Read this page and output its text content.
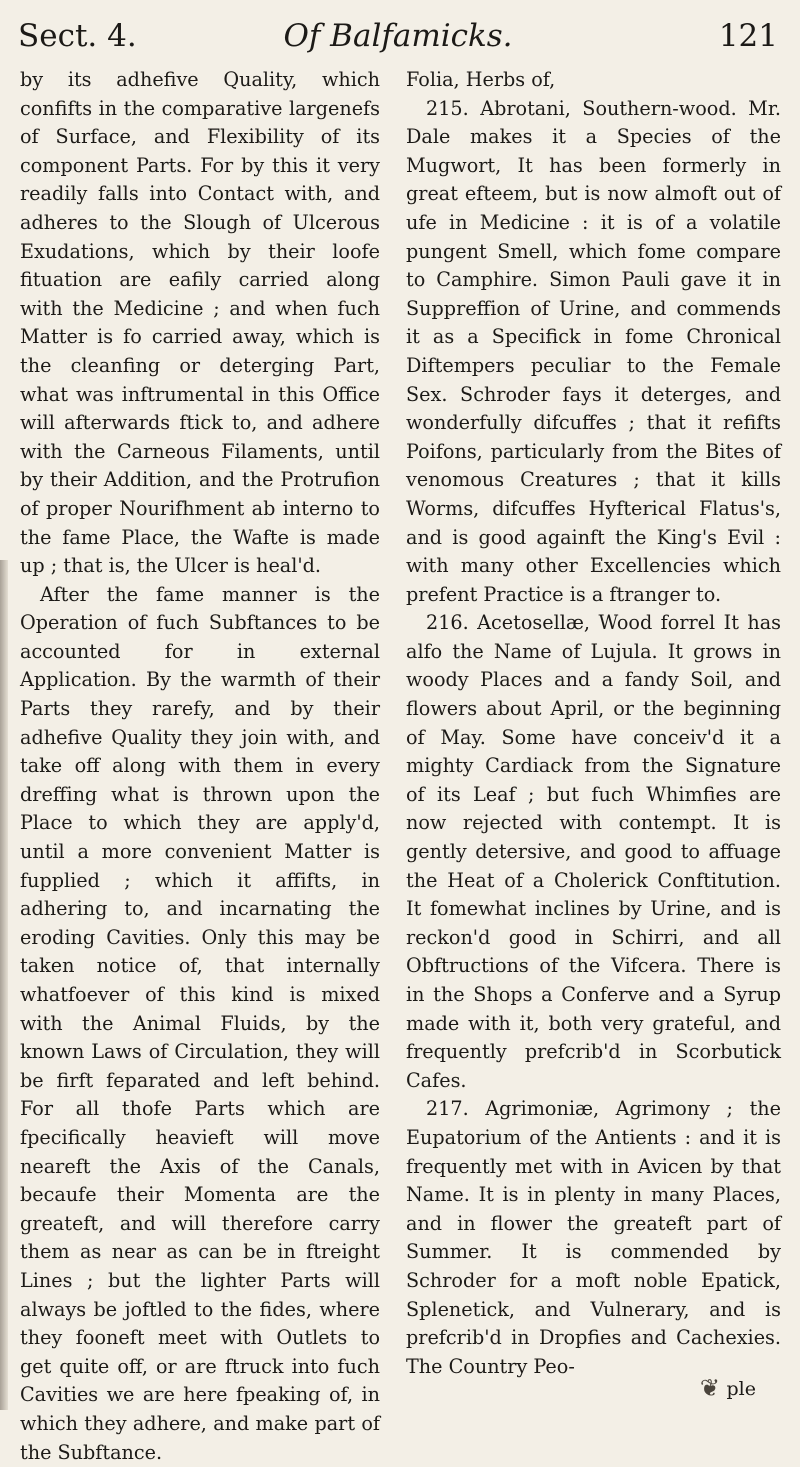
Sect. 4.	Of Balfamicks.	121

by its adhefive Quality, which confifts in the comparative largenefs of Surface, and Flexibility of its component Parts. For by this it very readily falls into Contact with, and adheres to the Slough of Ulcerous Exudations, which by their loofe fituation are eafily carried along with the Medicine ; and when fuch Matter is fo carried away, which is the cleanfing or deterging Part, what was inftrumental in this Office will afterwards ftick to, and adhere with the Carneous Filaments, until by their Addition, and the Protrufion of proper Nourifhment ab interno to the fame Place, the Wafte is made up ; that is, the Ulcer is heal'd.

After the fame manner is the Operation of fuch Subftances to be accounted for in external Application. By the warmth of their Parts they rarefy, and by their adhefive Quality they join with, and take off along with them in every dreffing what is thrown upon the Place to which they are apply'd, until a more convenient Matter is fupplied ; which it affifts, in adhering to, and incarnating the eroding Cavities. Only this may be taken notice of, that internally whatfoever of this kind is mixed with the Animal Fluids, by the known Laws of Circulation, they will be firft feparated and left behind. For all thofe Parts which are fpecifically heavieft will move neareft the Axis of the Canals, becaufe their Momenta are the greateft, and will therefore carry them as near as can be in ftreight Lines ; but the lighter Parts will always be joftled to the fides, where they fooneft meet with Outlets to get quite off, or are ftruck into fuch Cavities we are here fpeaking of, in which they adhere, and make part of the Subftance.

Folia, Herbs of,

215. Abrotani, Southern-wood. Mr. Dale makes it a Species of the Mugwort, It has been formerly in great efteem, but is now almoft out of ufe in Medicine : it is of a volatile pungent Smell, which fome compare to Camphire. Simon Pauli gave it in Suppreffion of Urine, and commends it as a Specifick in fome Chronical Diftempers peculiar to the Female Sex. Schroder fays it deterges, and wonderfully difcuffes ; that it refifts Poifons, particularly from the Bites of venomous Creatures ; that it kills Worms, difcuffes Hyfterical Flatus's, and is good againft the King's Evil : with many other Excellencies which prefent Practice is a ftranger to.

216. Acetosellæ, Wood forrel It has alfo the Name of Lujula. It grows in woody Places and a fandy Soil, and flowers about April, or the beginning of May. Some have conceiv'd it a mighty Cardiack from the Signature of its Leaf ; but fuch Whimfies are now rejected with contempt. It is gently detersive, and good to affuage the Heat of a Cholerick Conftitution. It fomewhat inclines by Urine, and is reckon'd good in Schirri, and all Obftructions of the Vifcera. There is in the Shops a Conferve and a Syrup made with it, both very grateful, and frequently prefcrib'd in Scorbutick Cafes.

217. Agrimoniæ, Agrimony ; the Eupatorium of the Antients : and it is frequently met with in Avicen by that Name. It is in plenty in many Places, and in flower the greateft part of Summer. It is commended by Schroder for a moft noble Epatick, Splenetick, and Vulnerary, and is prefcrib'd in Dropfies and Cachexies. The Country Peo-

❦ ple
